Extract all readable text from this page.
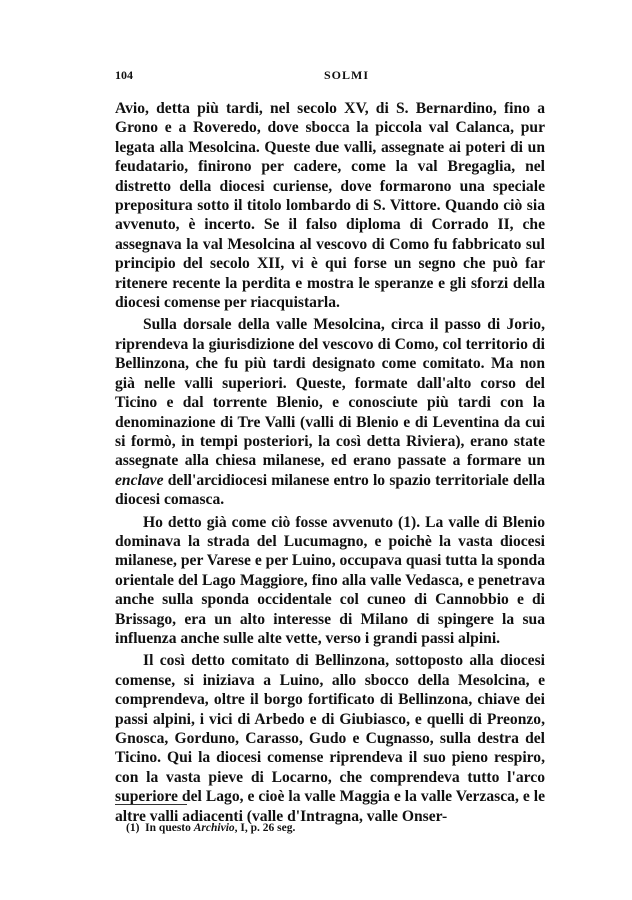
104	SOLMI

Avio, detta più tardi, nel secolo XV, di S. Bernardino, fino a Grono e a Roveredo, dove sbocca la piccola val Calanca, pur legata alla Mesolcina. Queste due valli, assegnate ai poteri di un feudatario, finirono per cadere, come la val Bregaglia, nel distretto della diocesi curiense, dove formarono una speciale prepositura sotto il titolo lombardo di S. Vittore. Quando ciò sia avvenuto, è incerto. Se il falso diploma di Corrado II, che assegnava la val Mesolcina al vescovo di Como fu fabbricato sul principio del secolo XII, vi è qui forse un segno che può far ritenere recente la perdita e mostra le speranze e gli sforzi della diocesi comense per riacquistarla.

Sulla dorsale della valle Mesolcina, circa il passo di Jorio, riprendeva la giurisdizione del vescovo di Como, col territorio di Bellinzona, che fu più tardi designato come comitato. Ma non già nelle valli superiori. Queste, formate dall'alto corso del Ticino e dal torrente Blenio, e conosciute più tardi con la denominazione di Tre Valli (valli di Blenio e di Leventina da cui si formò, in tempi posteriori, la così detta Riviera), erano state assegnate alla chiesa milanese, ed erano passate a formare un enclave dell'arcidiocesi milanese entro lo spazio territoriale della diocesi comasca.

Ho detto già come ciò fosse avvenuto (1). La valle di Blenio dominava la strada del Lucumagno, e poichè la vasta diocesi milanese, per Varese e per Luino, occupava quasi tutta la sponda orientale del Lago Maggiore, fino alla valle Vedasca, e penetrava anche sulla sponda occidentale col cuneo di Cannobbio e di Brissago, era un alto interesse di Milano di spingere la sua influenza anche sulle alte vette, verso i grandi passi alpini.

Il così detto comitato di Bellinzona, sottoposto alla diocesi comense, si iniziava a Luino, allo sbocco della Mesolcina, e comprendeva, oltre il borgo fortificato di Bellinzona, chiave dei passi alpini, i vici di Arbedo e di Giubiasco, e quelli di Preonzo, Gnosca, Gorduno, Carasso, Gudo e Cugnasso, sulla destra del Ticino. Qui la diocesi comense riprendeva il suo pieno respiro, con la vasta pieve di Locarno, che comprendeva tutto l'arco superiore del Lago, e cioè la valle Maggia e la valle Verzasca, e le altre valli adiacenti (valle d'Intragna, valle Onser-

(1) In questo Archivio, I, p. 26 seg.
